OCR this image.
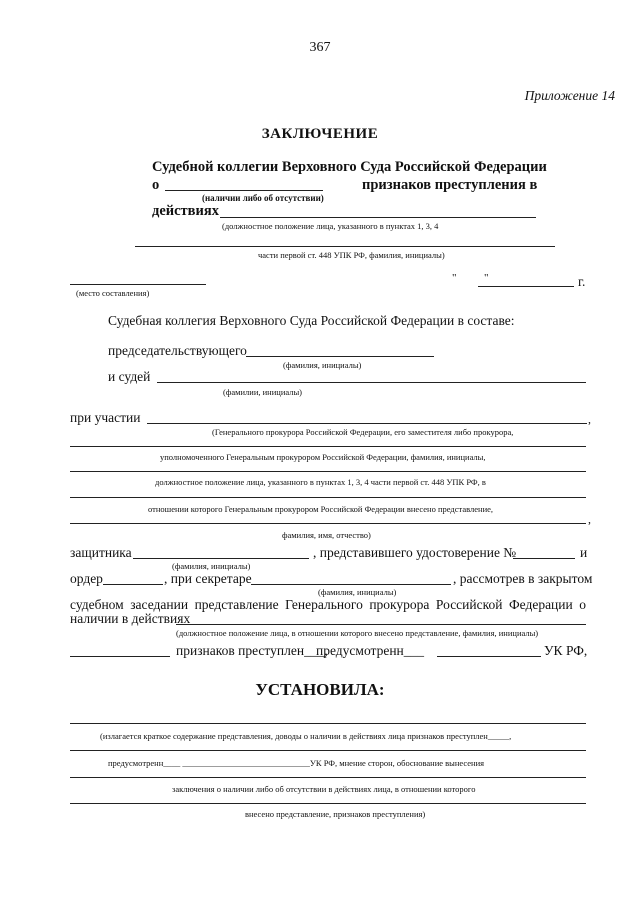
367
Приложение 14
ЗАКЛЮЧЕНИЕ
Судебной коллегии Верховного Суда Российской Федерации
о	признаков преступления в
(наличии либо об отсутствии)
действиях
(должностное положение лица, указанного в пунктах 1, 3, 4
части первой ст. 448 УПК РФ, фамилия, инициалы)
(место составления)
"	"	г.
Судебная коллегия Верховного Суда Российской Федерации в составе:
председательствующего
(фамилия, инициалы)
и судей
(фамилии, инициалы)
при участии	,
(Генерального прокурора Российской Федерации, его заместителя либо прокурора,
уполномоченного Генеральным прокурором Российской Федерации, фамилия, инициалы,
должностное положение лица, указанного в пунктах 1, 3, 4 части первой ст. 448 УПК РФ, в
отношении которого Генеральным прокурором Российской Федерации внесено представление,
,
фамилия, имя, отчество)
защитника	, представившего удостоверение №	и
(фамилия, инициалы)
ордер	, при секретаре	, рассмотрев в закрытом
(фамилия, инициалы)
судебном заседании представление Генерального прокурора Российской Федерации о
наличии в действиях
(должностное положение лица, в отношении которого внесено представление, фамилия, инициалы)
признаков преступлен___,
предусмотренн___	УК РФ,
УСТАНОВИЛА:
(излагается краткое содержание представления, доводы о наличии в действиях лица признаков преступлен_____,
предусмотренн____ ______________________________УК РФ, мнение сторон, обоснование вынесения
заключения о наличии либо об отсутствии в действиях лица, в отношении которого
внесено представление, признаков преступления)
